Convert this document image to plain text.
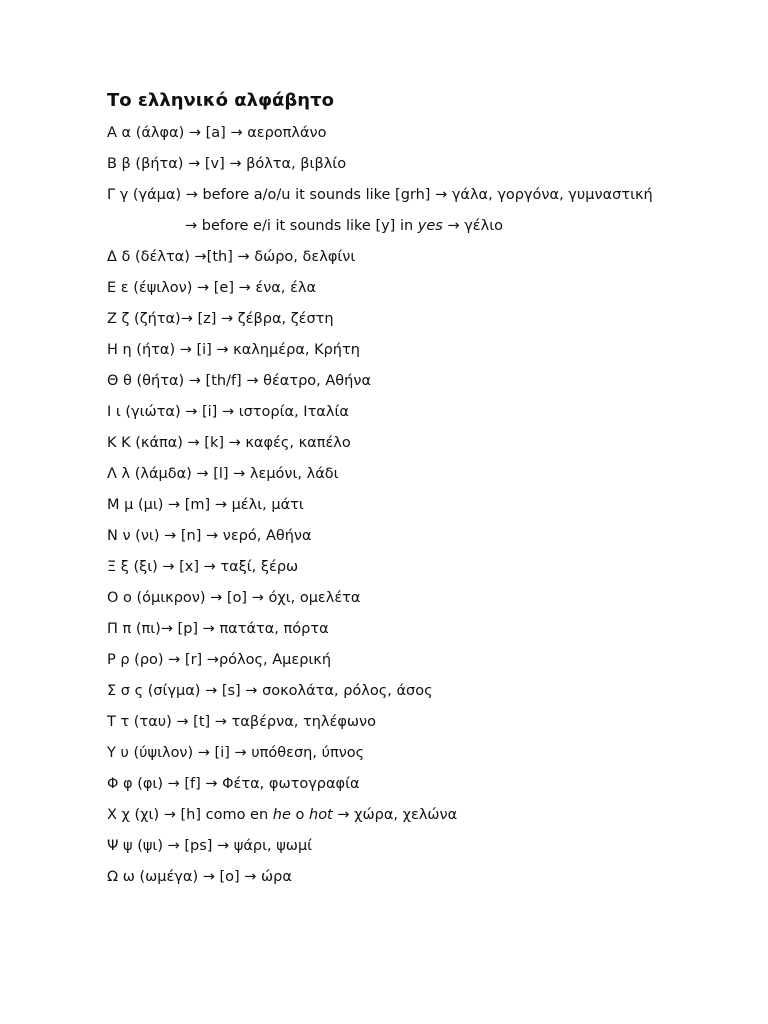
Το ελληνικό αλφάβητο
Α α (άλφα) → [a] → αεροπλάνο
Β β (βήτα) → [v] → βόλτα, βιβλίο
Γ γ (γάμα) → before a/o/u it sounds like [grh] → γάλα, γοργόνα, γυμναστική
→ before e/i it sounds like [y] in yes → γέλιο
Δ δ (δέλτα) →[th] → δώρο, δελφίνι
Ε ε (έψιλον) → [e] → ένα, έλα
Ζ ζ (ζήτα)→ [z] → ζέβρα, ζέστη
Η η (ήτα) → [i] → καλημέρα, Κρήτη
Θ θ (θήτα) → [th/f] → θέατρο, Αθήνα
Ι ι (γιώτα) → [i] → ιστορία, Ιταλία
Κ Κ (κάπα) → [k] → καφές, καπέλο
Λ λ (λάμδα) → [l] → λεμόνι, λάδι
Μ μ (μι) → [m] → μέλι, μάτι
Ν ν (νι) → [n] → νερό, Αθήνα
Ξ ξ (ξι) → [x] → ταξί, ξέρω
Ο ο (όμικρον) → [o] → όχι, ομελέτα
Π π (πι)→ [p] → πατάτα, πόρτα
Ρ ρ (ρο) → [r] →ρόλος, Αμερική
Σ σ ς (σίγμα) → [s] → σοκολάτα, ρόλος, άσος
Τ τ (ταυ) → [t] → ταβέρνα, τηλέφωνο
Υ υ (ύψιλον) → [i] → υπόθεση, ύπνος
Φ φ (φι) → [f] → Φέτα, φωτογραφία
Χ χ (χι) → [h] como en he o hot → χώρα, χελώνα
Ψ ψ (ψι) → [ps] → ψάρι, ψωμί
Ω ω (ωμέγα) → [o] → ώρα
